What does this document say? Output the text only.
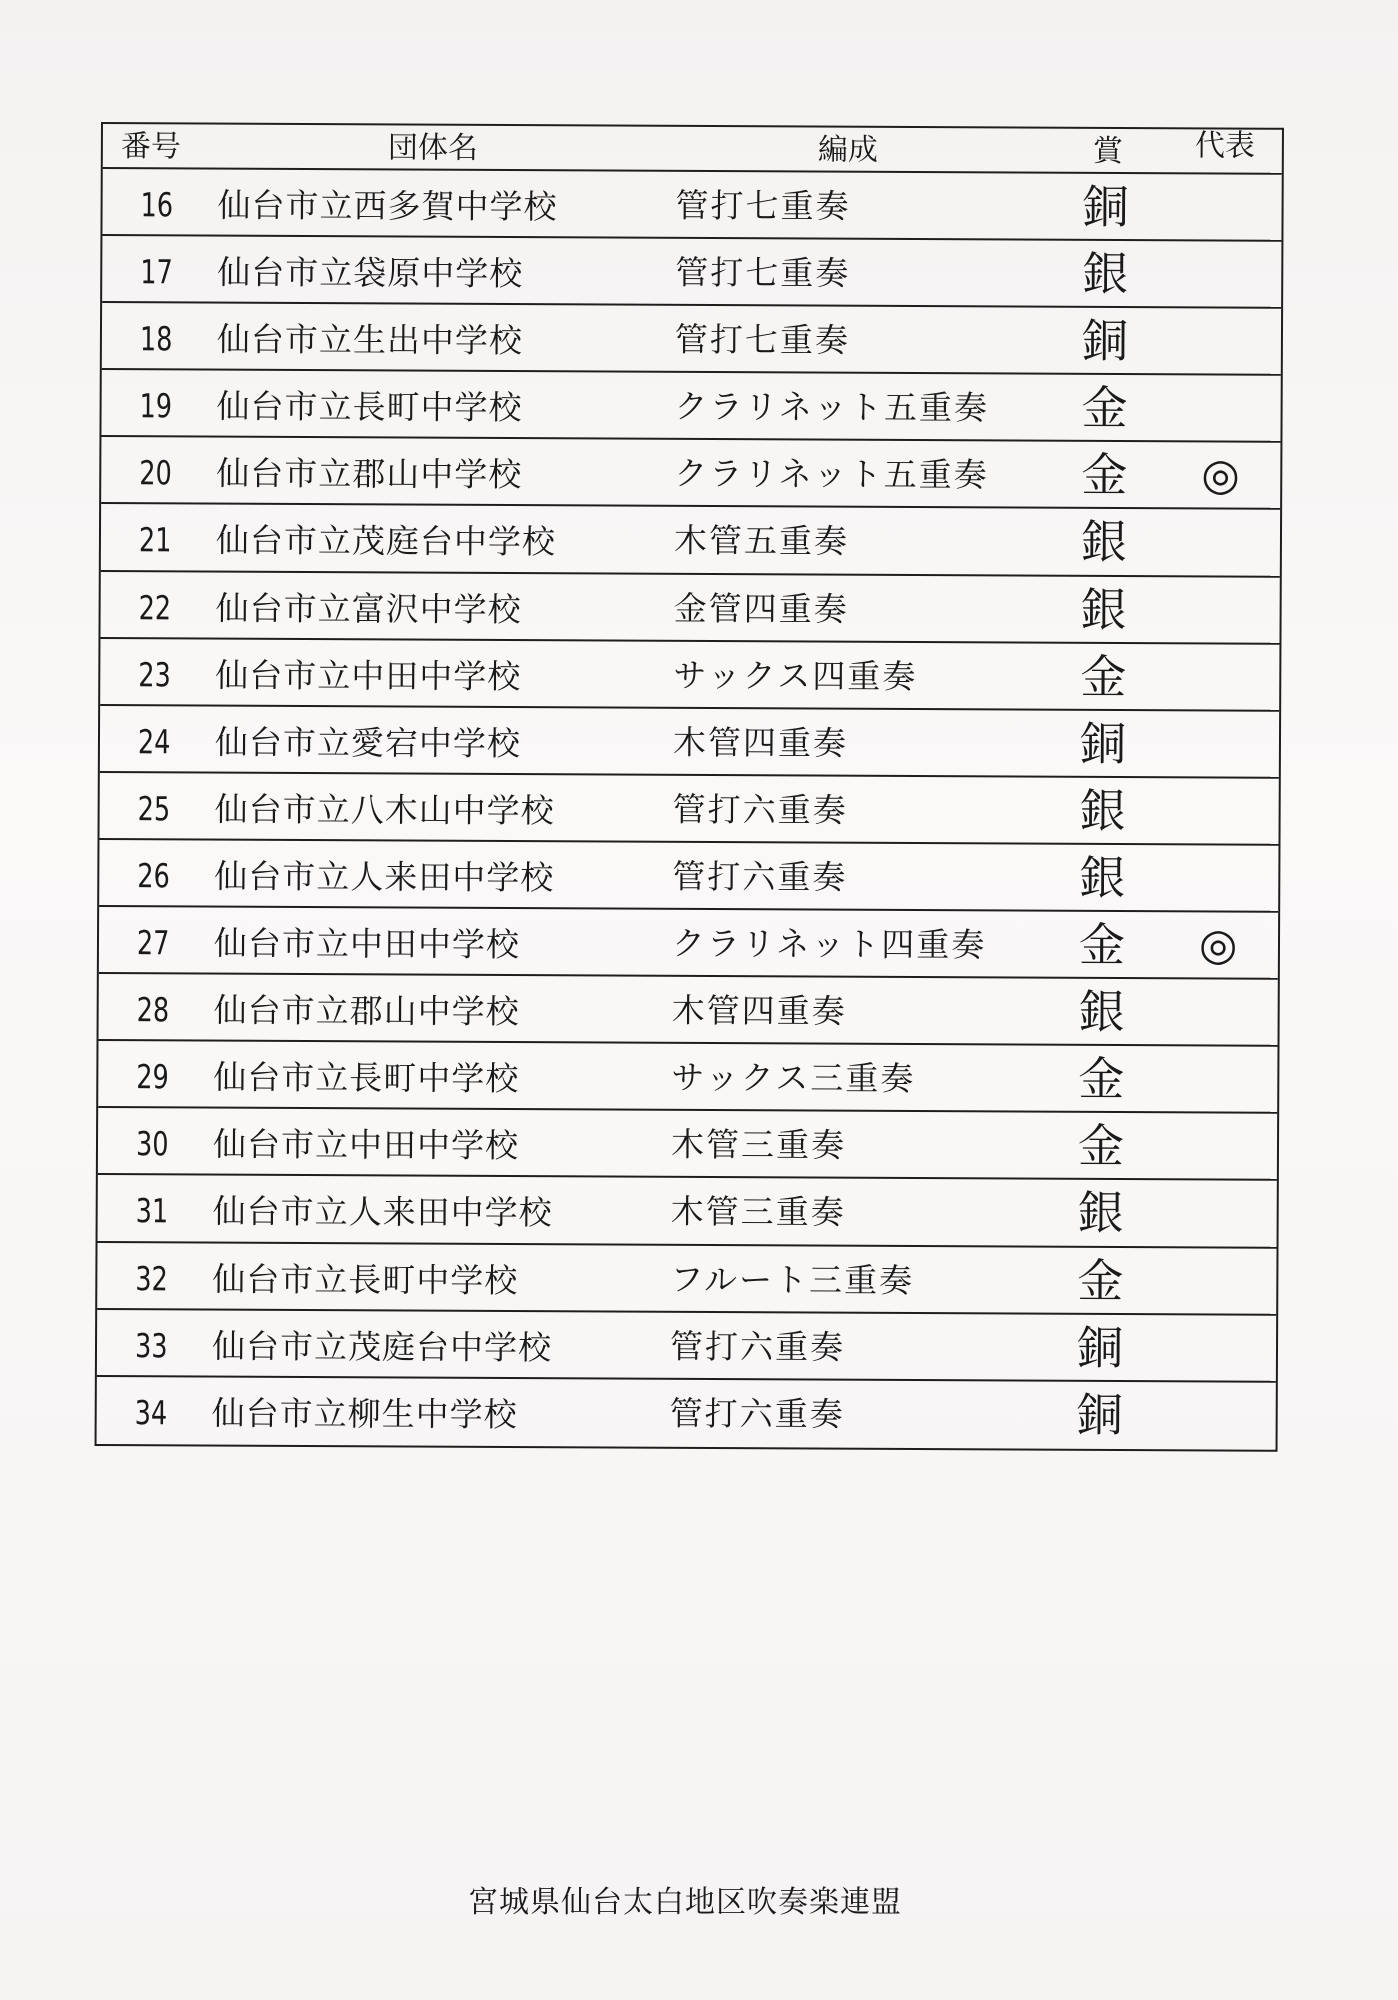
番号	団体名	編成	賞 代表
16 仙台市立西多賀中学校	管打七重奏	銅
17 仙台市立袋原中学校	管打七重奏	銀
18 仙台市立生出中学校	管打七重奏	銅
19 仙台市立長町中学校	クラリネット五重奏 金
20 仙台市立郡山中学校	クラリネット五重奏 金 ◎
21 仙台市立茂庭台中学校	木管五重奏	銀
22 仙台市立富沢中学校	金管四重奏	銀
23 仙台市立中田中学校	サックス四重奏	金
24 仙台市立愛宕中学校	木管四重奏	銅
25 仙台市立八木山中学校	管打六重奏	銀
26 仙台市立人来田中学校	管打六重奏	銀
27 仙台市立中田中学校	クラリネット四重奏 金 ◎
28 仙台市立郡山中学校	木管四重奏	銀
29 仙台市立長町中学校	サックス三重奏	金
30 仙台市立中田中学校	木管三重奏	金
31 仙台市立人来田中学校	木管三重奏	銀
32 仙台市立長町中学校	フルート三重奏	金
33 仙台市立茂庭台中学校	管打六重奏	銅
34 仙台市立柳生中学校	管打六重奏	銅
宮城県仙台太白地区吹奏楽連盟
